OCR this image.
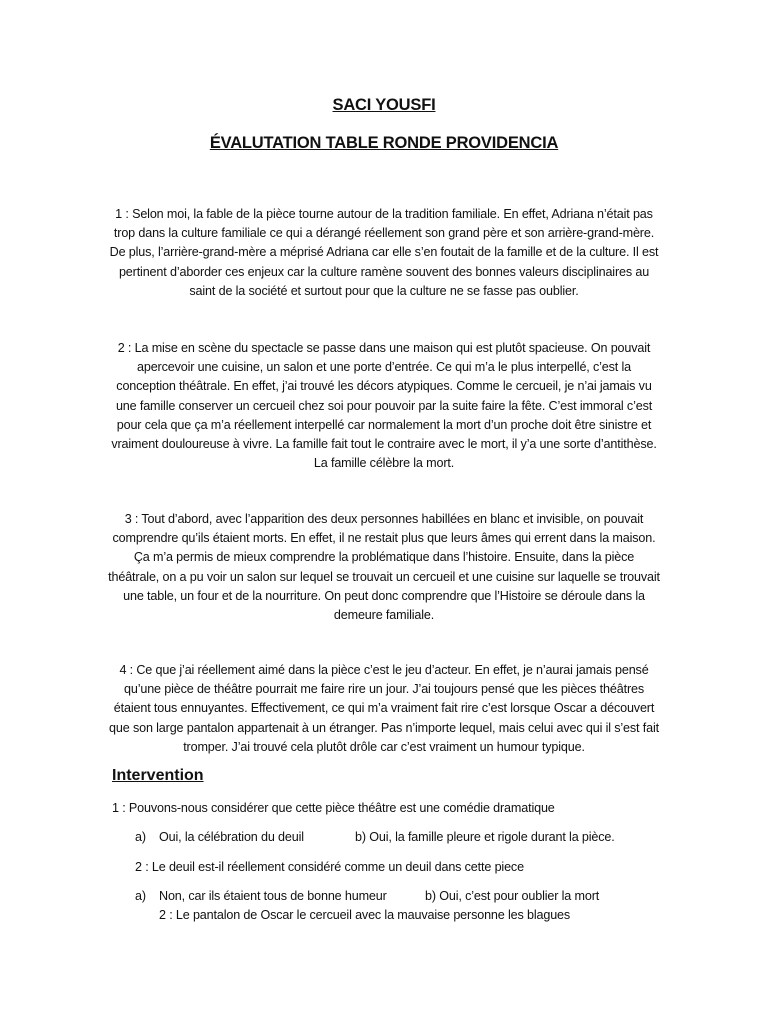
SACI YOUSFI
ÉVALUTATION TABLE RONDE PROVIDENCIA
1 : Selon moi, la fable de la pièce tourne autour de la tradition familiale. En effet, Adriana n’était pas trop dans la culture familiale ce qui a dérangé réellement son grand père et son arrière-grand-mère. De plus, l’arrière-grand-mère a méprisé Adriana car elle s’en foutait de la famille et de la culture. Il est pertinent d’aborder ces enjeux car la culture ramène souvent des bonnes valeurs disciplinaires au saint de la société et surtout pour que la culture ne se fasse pas oublier.
2 : La mise en scène du spectacle se passe dans une maison qui est plutôt spacieuse. On pouvait apercevoir une cuisine, un salon et une porte d’entrée. Ce qui m’a le plus interpellé, c’est la conception théâtrale. En effet, j’ai trouvé les décors atypiques. Comme le cercueil, je n’ai jamais vu une famille conserver un cercueil chez soi pour pouvoir par la suite faire la fête. C’est immoral c’est pour cela que ça m’a réellement interpellé car normalement la mort d’un proche doit être sinistre et vraiment douloureuse à vivre. La famille fait tout le contraire avec le mort, il y’a une sorte d’antithèse. La famille célèbre la mort.
3 : Tout d’abord, avec l’apparition des deux personnes habillées en blanc et invisible, on pouvait comprendre qu’ils étaient morts. En effet, il ne restait plus que leurs âmes qui errent dans la maison. Ça m’a permis de mieux comprendre la problématique dans l’histoire. Ensuite, dans la pièce théâtrale, on a pu voir un salon sur lequel se trouvait un cercueil et une cuisine sur laquelle se trouvait une table, un four et de la nourriture. On peut donc comprendre que l’Histoire se déroule dans la demeure familiale.
4 : Ce que j’ai réellement aimé dans la pièce c’est le jeu d’acteur. En effet, je n’aurai jamais pensé qu’une pièce de théâtre pourrait me faire rire un jour. J’ai toujours pensé que les pièces théâtres étaient tous ennuyantes. Effectivement, ce qui m’a vraiment fait rire c’est lorsque Oscar a découvert que son large pantalon appartenait à un étranger. Pas n’importe lequel, mais celui avec qui il s’est fait tromper. J’ai trouvé cela plutôt drôle car c’est vraiment un humour typique.
Intervention
1 : Pouvons-nous considérer que cette pièce théâtre est une comédie dramatique
a) Oui, la célébration du deuil	b) Oui, la famille pleure et rigole durant la pièce.
2 : Le deuil est-il réellement considéré comme un deuil dans cette piece
a) Non, car ils étaient tous de bonne humeur	b) Oui, c’est pour oublier la mort
2 : Le pantalon de Oscar le cercueil avec la mauvaise personne les blagues
